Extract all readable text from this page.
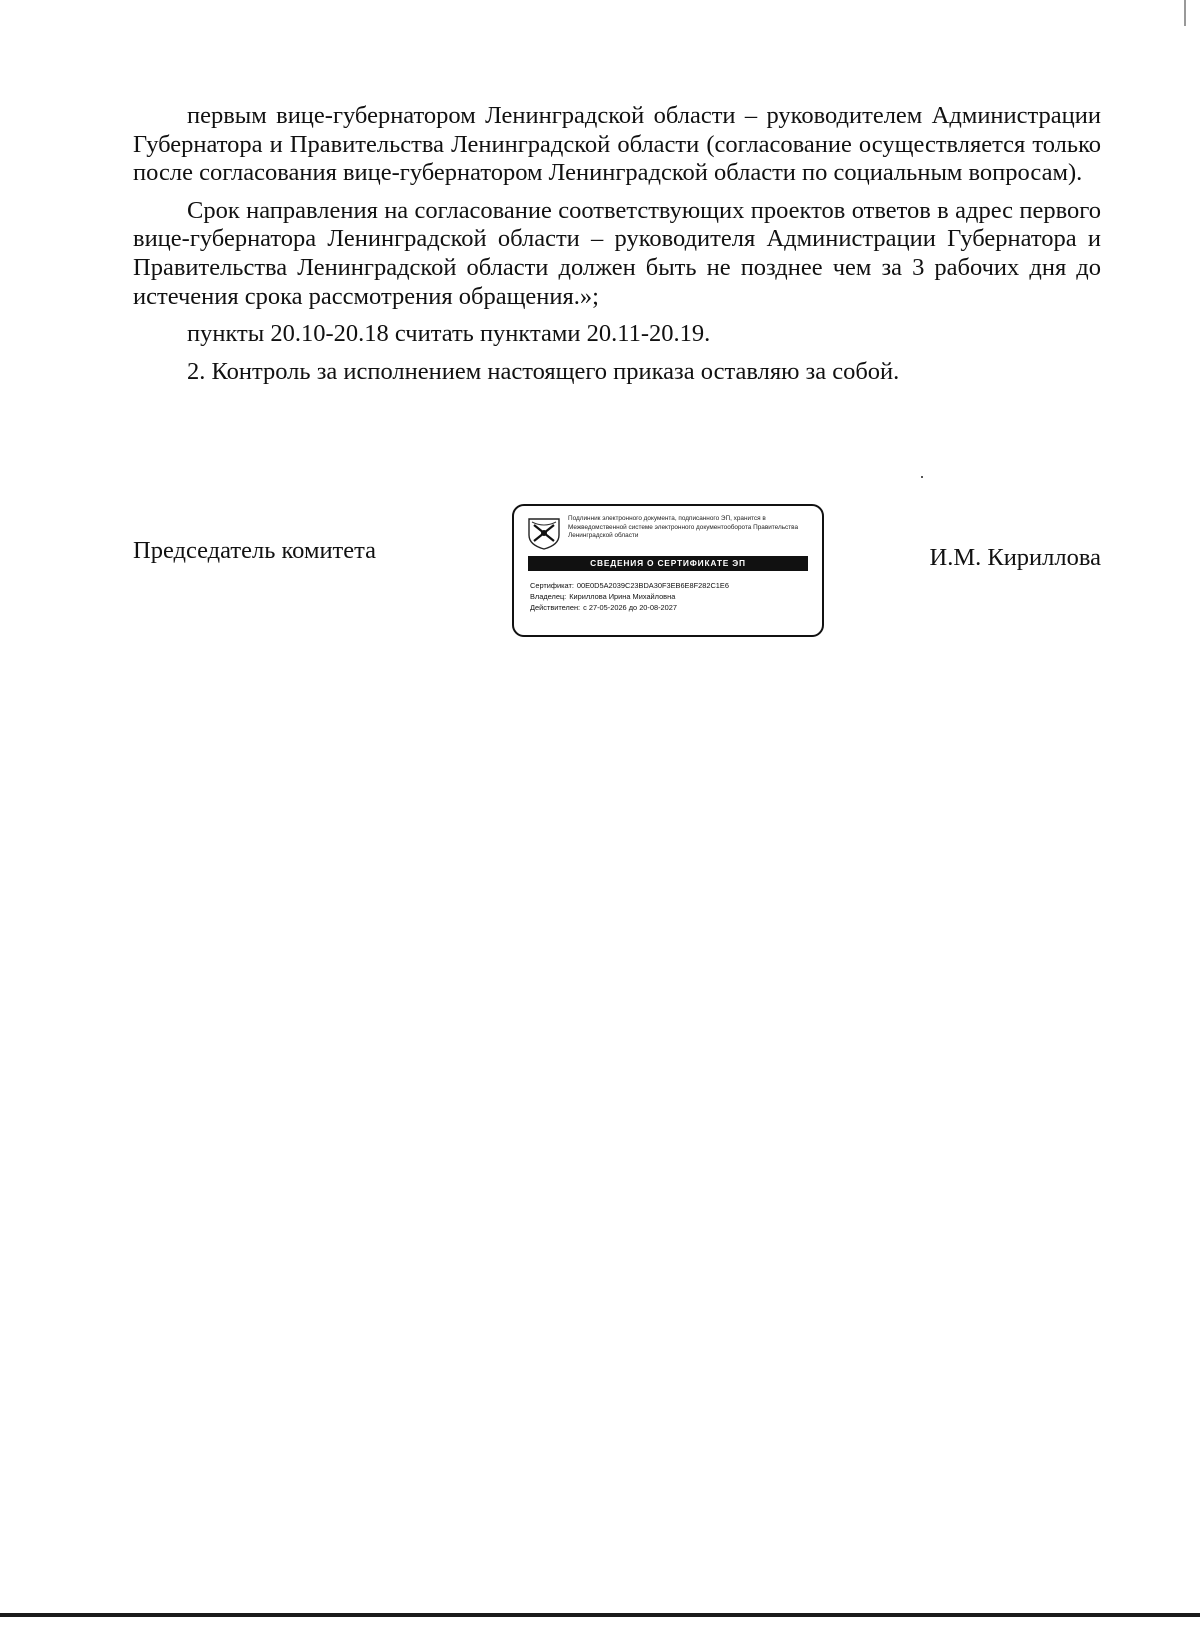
первым вице-губернатором Ленинградской области – руководителем Администрации Губернатора и Правительства Ленинградской области (согласование осуществляется только после согласования вице-губернатором Ленинградской области по социальным вопросам).

Срок направления на согласование соответствующих проектов ответов в адрес первого вице-губернатора Ленинградской области – руководителя Администрации Губернатора и Правительства Ленинградской области должен быть не позднее чем за 3 рабочих дня до истечения срока рассмотрения обращения.»;

пункты 20.10-20.18 считать пунктами 20.11-20.19.

2. Контроль за исполнением настоящего приказа оставляю за собой.

Председатель комитета
Подлинник электронного документа, подписанного ЭП, хранится в Межведомственной системе электронного документооборота Правительства Ленинградской области
СВЕДЕНИЯ О СЕРТИФИКАТЕ ЭП
Сертификат: 00E0D5A2039C23BDA30F3EB6E8F282C1E6
Владелец: Кириллова Ирина Михайловна
Действителен: с 27-05-2026 до 20-08-2027
И.М. Кириллова
